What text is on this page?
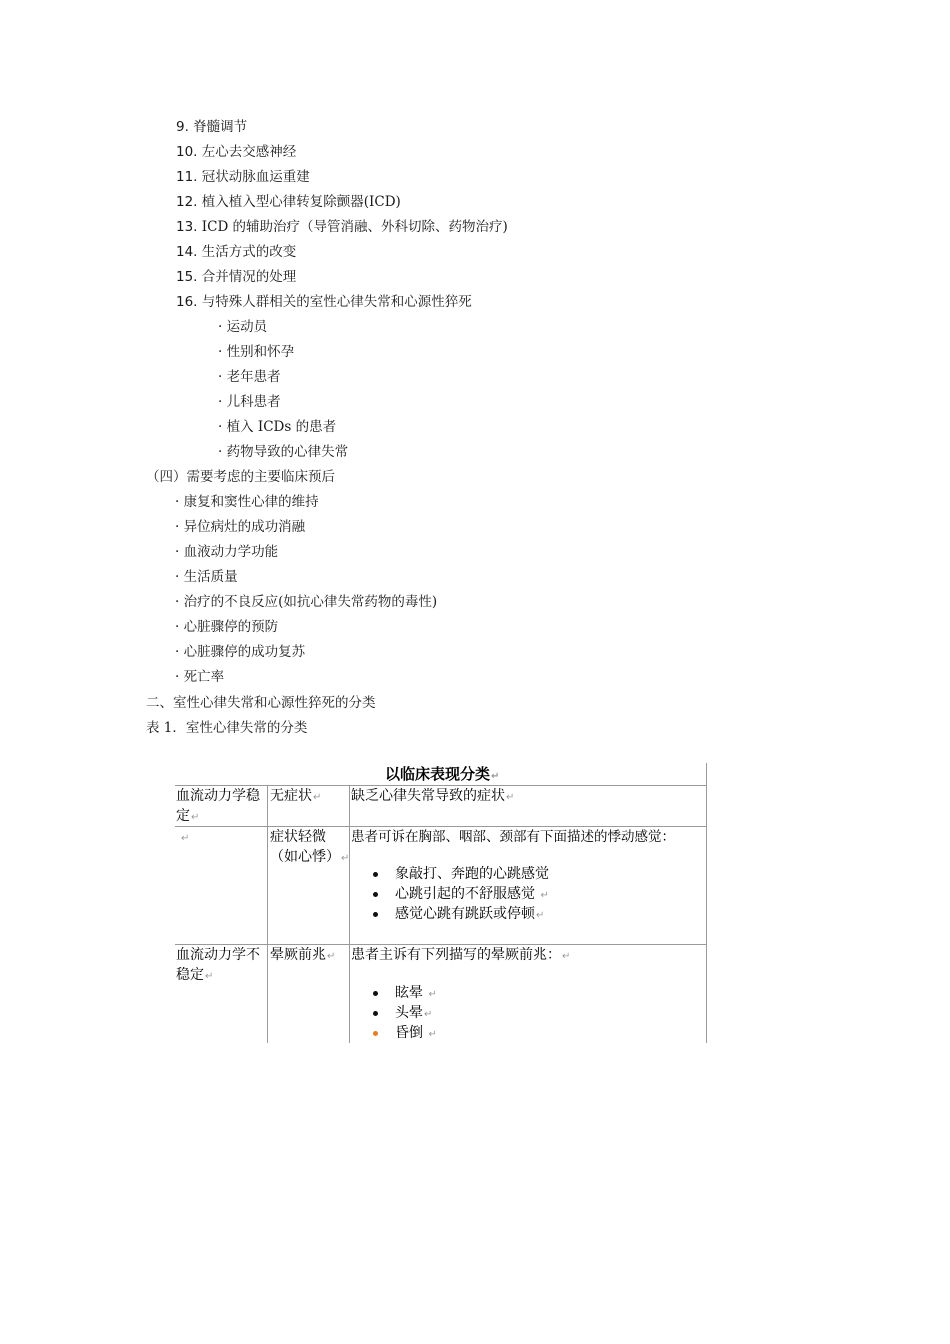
9. 脊髓调节
10. 左心去交感神经
11. 冠状动脉血运重建
12. 植入植入型心律转复除颤器(ICD)
13. ICD 的辅助治疗（导管消融、外科切除、药物治疗)
14. 生活方式的改变
15. 合并情况的处理
16. 与特殊人群相关的室性心律失常和心源性猝死
· 运动员
· 性别和怀孕
· 老年患者
· 儿科患者
· 植入 ICDs 的患者
· 药物导致的心律失常
（四）需要考虑的主要临床预后
· 康复和窦性心律的维持
· 异位病灶的成功消融
· 血液动力学功能
· 生活质量
· 治疗的不良反应(如抗心律失常药物的毒性)
· 心脏骤停的预防
· 心脏骤停的成功复苏
· 死亡率
二、室性心律失常和心源性猝死的分类
表 1．室性心律失常的分类
以临床表现分类↵
血流动力学稳
定↵
无症状↵ 缺乏心律失常导致的症状↵
↵	症状轻微
（如心悸）↵
患者可诉在胸部、咽部、颈部有下面描述的悸动感觉：
象敲打、奔跑的心跳感觉
心跳引起的不舒服感觉 ↵
感觉心跳有跳跃或停顿↵
血流动力学不
稳定↵
晕厥前兆↵ 患者主诉有下列描写的晕厥前兆：↵
眩晕 ↵
头晕↵
昏倒 ↵
